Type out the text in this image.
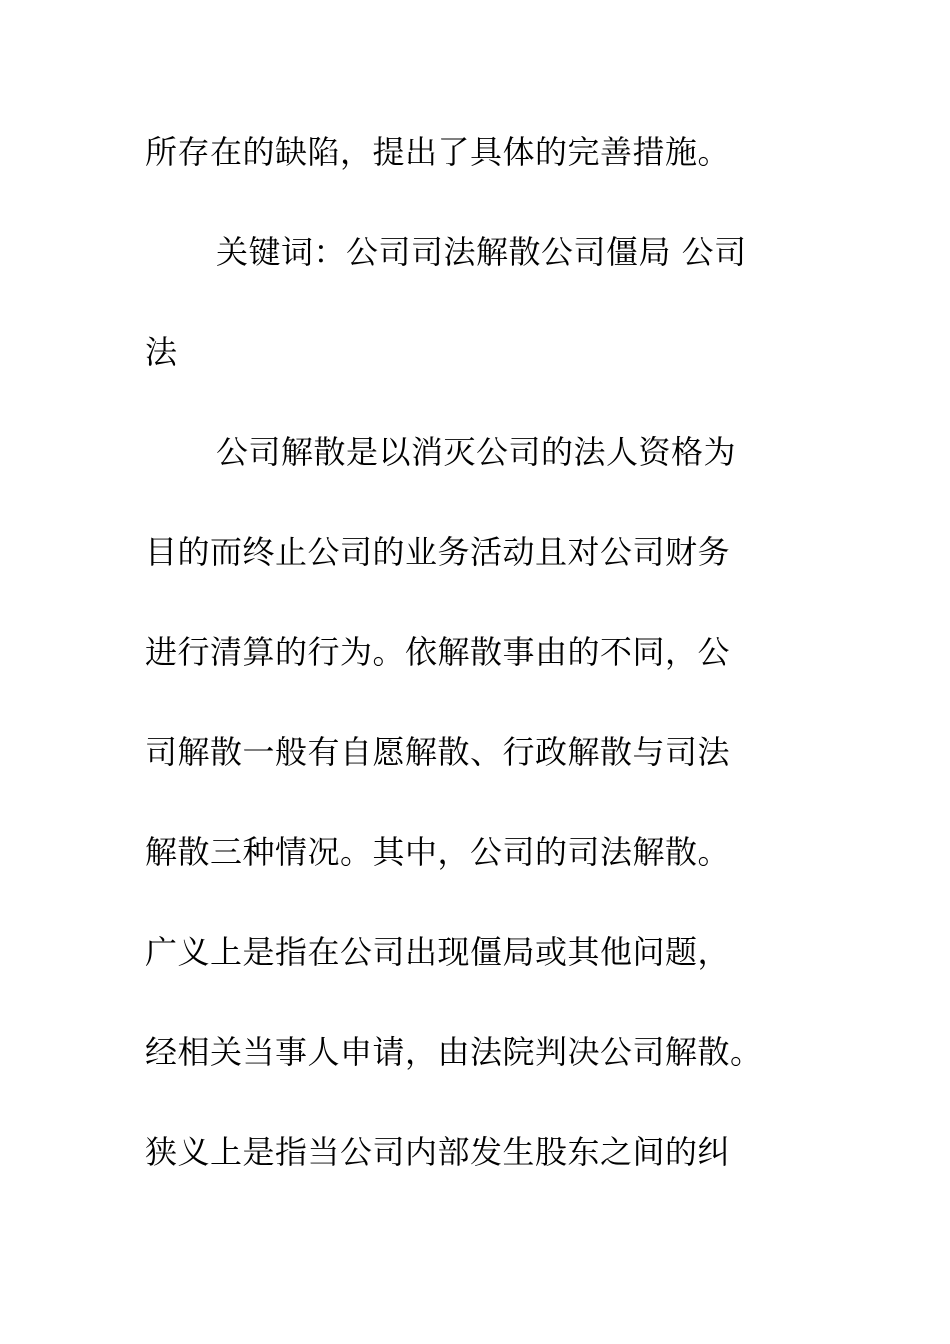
所存在的缺陷，提出了具体的完善措施。
关键词：公司司法解散公司僵局 公司
法
公司解散是以消灭公司的法人资格为
目的而终止公司的业务活动且对公司财务
进行清算的行为。依解散事由的不同，公
司解散一般有自愿解散、行政解散与司法
解散三种情况。其中，公司的司法解散。
广义上是指在公司出现僵局或其他问题，
经相关当事人申请，由法院判决公司解散。
狭义上是指当公司内部发生股东之间的纠
